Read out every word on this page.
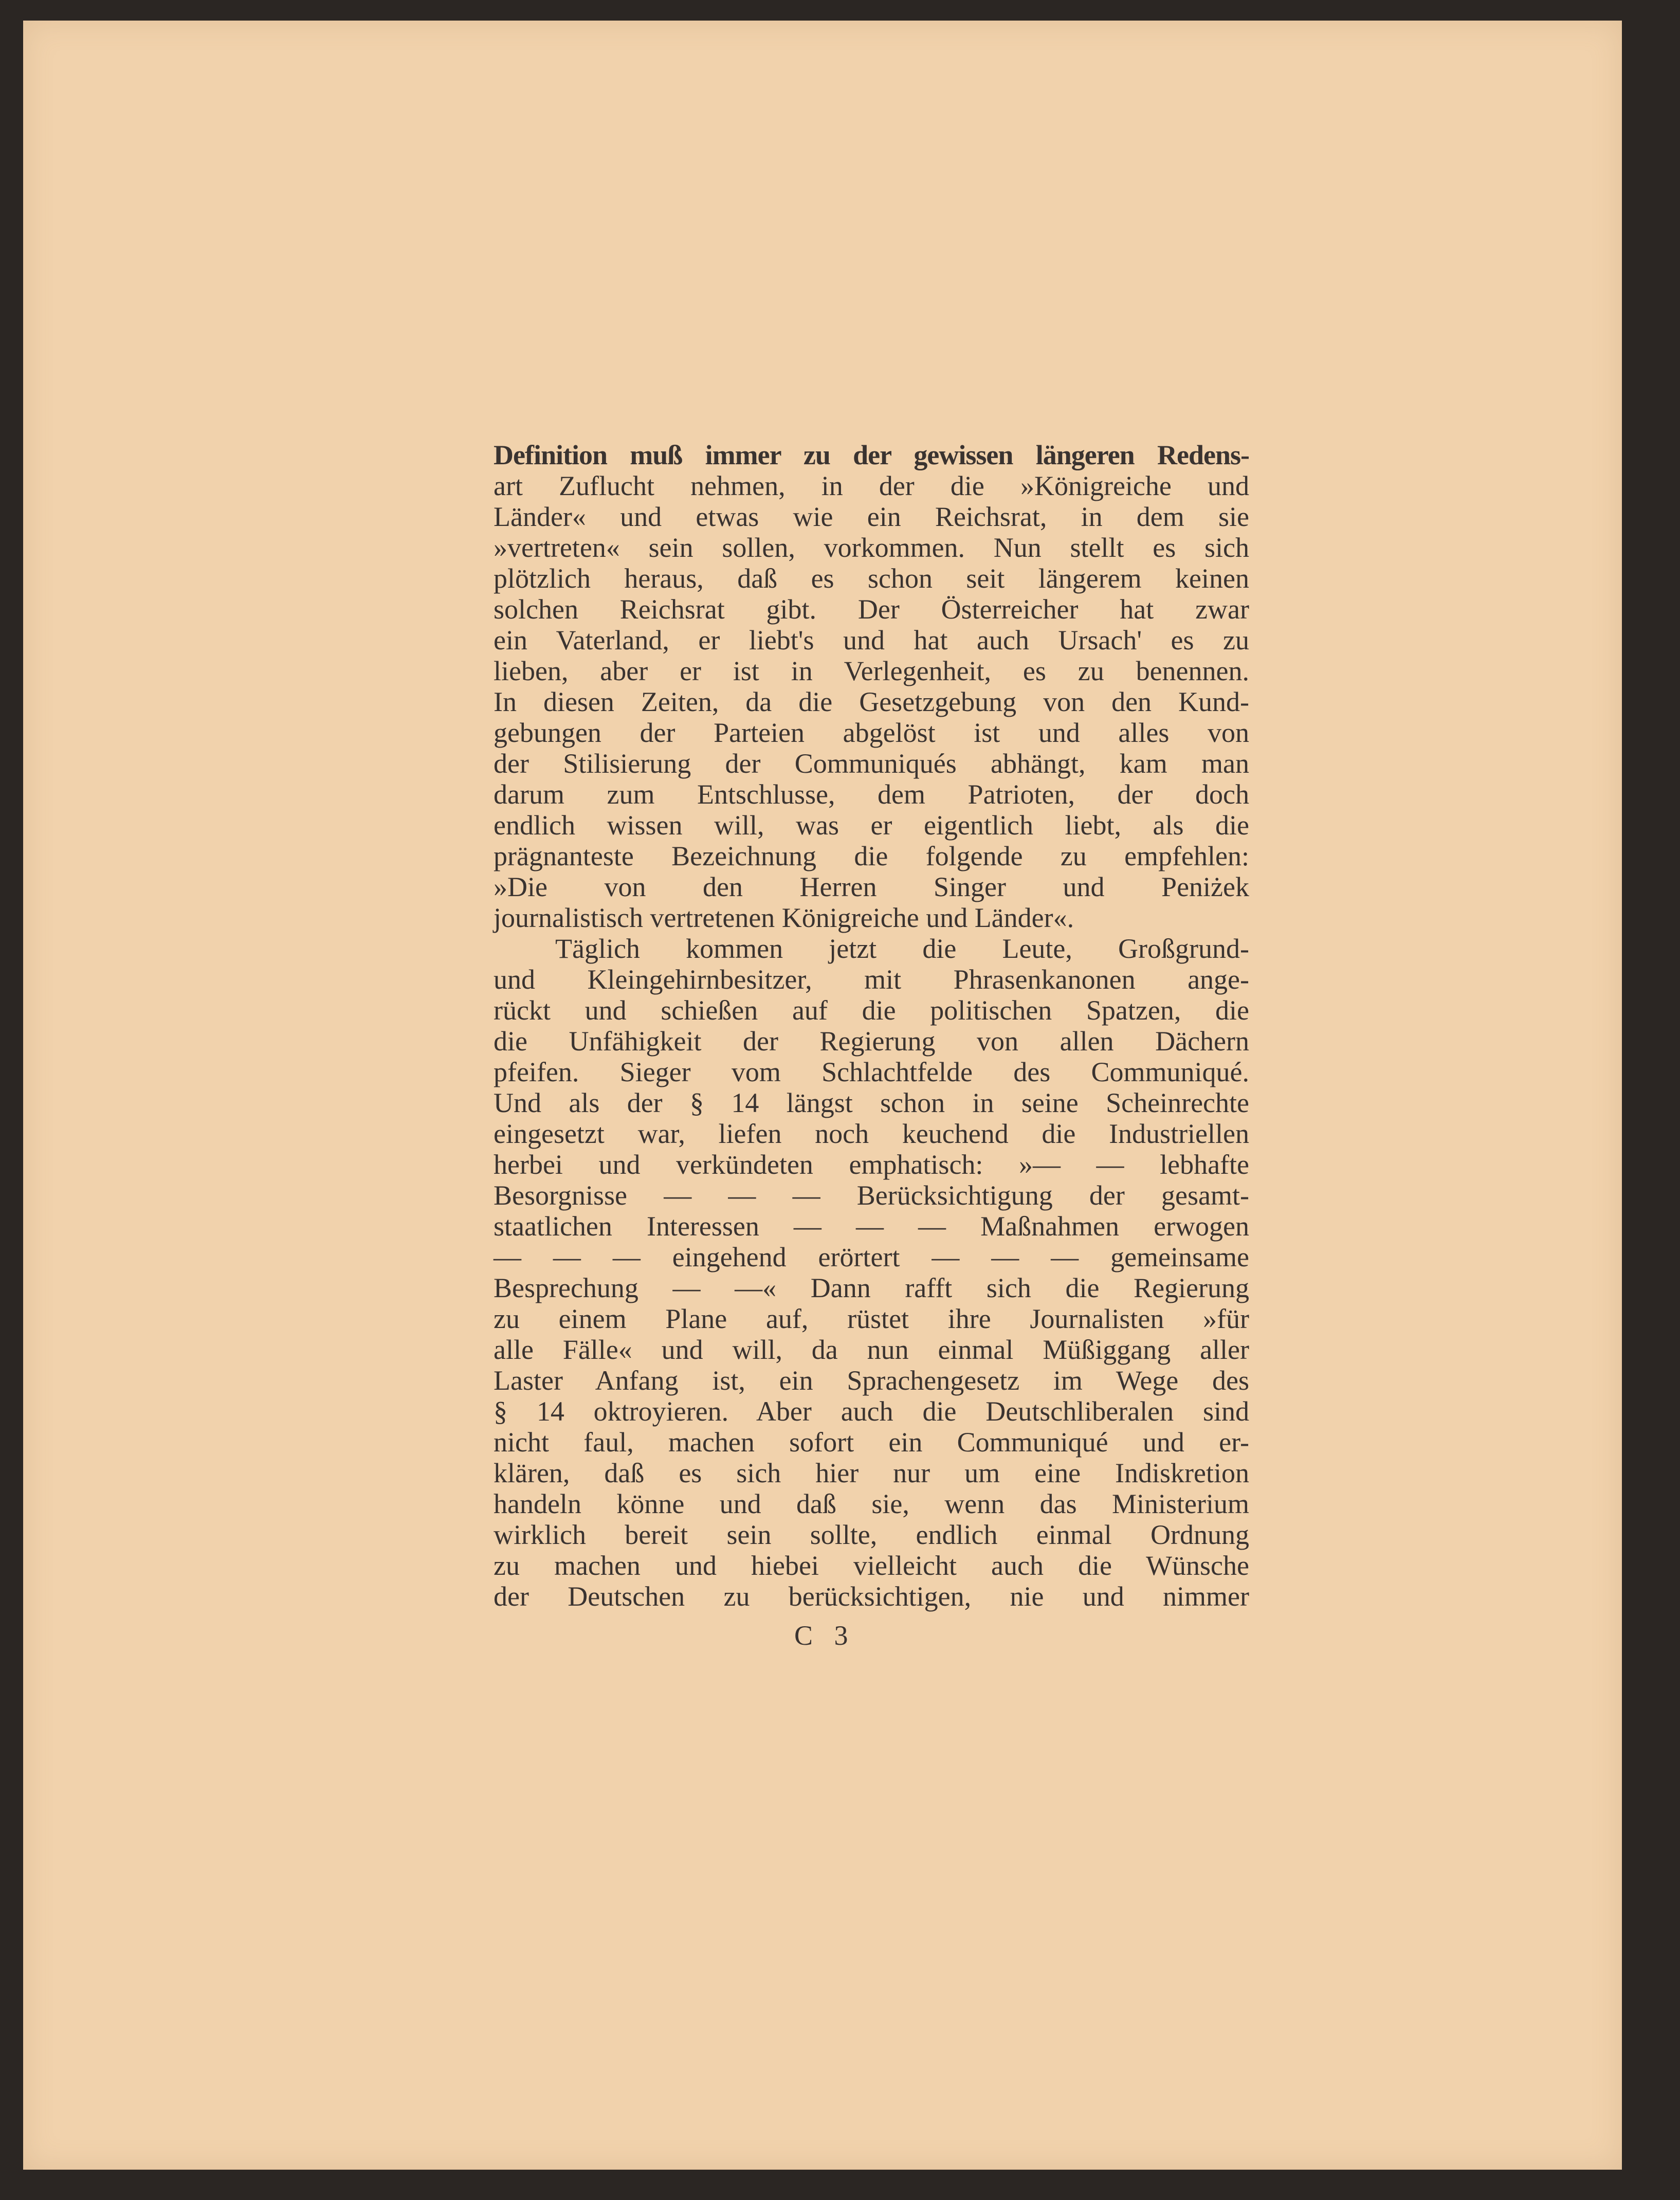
Definition muß immer zu der gewissen längeren Redens-
art Zuflucht nehmen, in der die »Königreiche und
Länder« und etwas wie ein Reichsrat, in dem sie
»vertreten« sein sollen, vorkommen. Nun stellt es sich
plötzlich heraus, daß es schon seit längerem keinen
solchen Reichsrat gibt. Der Österreicher hat zwar
ein Vaterland, er liebt's und hat auch Ursach' es zu
lieben, aber er ist in Verlegenheit, es zu benennen.
In diesen Zeiten, da die Gesetzgebung von den Kund-
gebungen der Parteien abgelöst ist und alles von
der Stilisierung der Communiqués abhängt, kam man
darum zum Entschlusse, dem Patrioten, der doch
endlich wissen will, was er eigentlich liebt, als die
prägnanteste Bezeichnung die folgende zu empfehlen:
»Die von den Herren Singer und Peniżek
journalistisch vertretenen Königreiche und Länder«.
Täglich kommen jetzt die Leute, Großgrund-
und Kleingehirnbesitzer, mit Phrasenkanonen ange-
rückt und schießen auf die politischen Spatzen, die
die Unfähigkeit der Regierung von allen Dächern
pfeifen. Sieger vom Schlachtfelde des Communiqué.
Und als der § 14 längst schon in seine Scheinrechte
eingesetzt war, liefen noch keuchend die Industriellen
herbei und verkündeten emphatisch: »— — lebhafte
Besorgnisse — — — Berücksichtigung der gesamt-
staatlichen Interessen — — — Maßnahmen erwogen
— — — eingehend erörtert — — — gemeinsame
Besprechung — —« Dann rafft sich die Regierung
zu einem Plane auf, rüstet ihre Journalisten »für
alle Fälle« und will, da nun einmal Müßiggang aller
Laster Anfang ist, ein Sprachengesetz im Wege des
§ 14 oktroyieren. Aber auch die Deutschliberalen sind
nicht faul, machen sofort ein Communiqué und er-
klären, daß es sich hier nur um eine Indiskretion
handeln könne und daß sie, wenn das Ministerium
wirklich bereit sein sollte, endlich einmal Ordnung
zu machen und hiebei vielleicht auch die Wünsche
der Deutschen zu berücksichtigen, nie und nimmer
C 3
